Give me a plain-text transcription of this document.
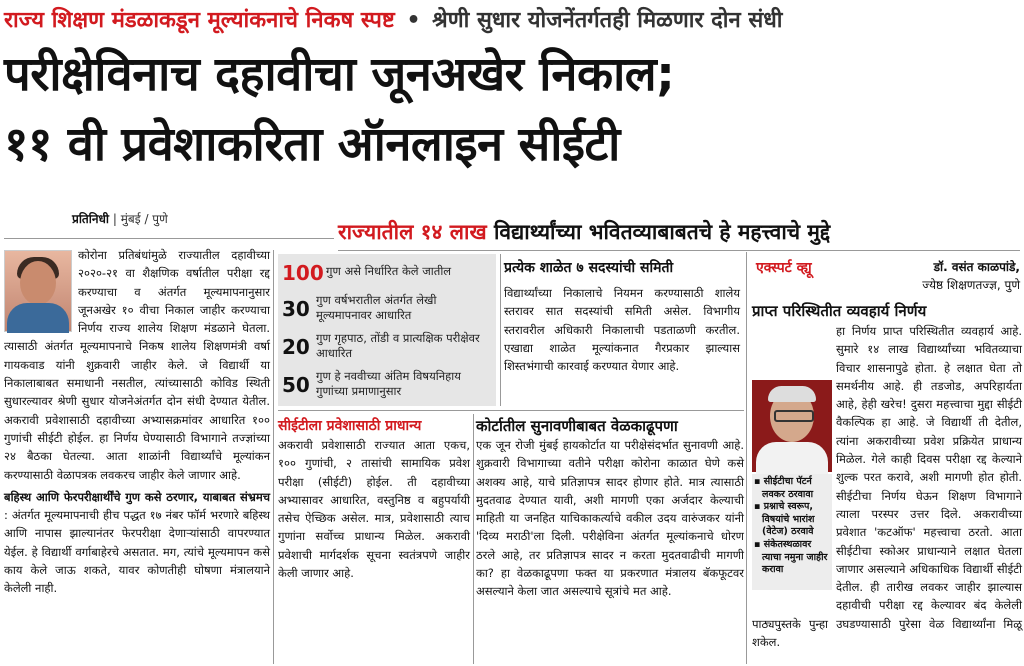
राज्य शिक्षण मंडळाकडून मूल्यांकनाचे निकष स्पष्ट • श्रेणी सुधार योजनेंतर्गतही मिळणार दोन संधी
परीक्षेविनाच दहावीचा जूनअखेर निकाल;
११ वी प्रवेशाकरिता ऑनलाइन सीईटी
प्रतिनिधी | मुंबई / पुणे
राज्यातील १४ लाख विद्यार्थ्यांच्या भवितव्याबाबतचे हे महत्त्वाचे मुद्दे
कोरोना प्रतिबंधांमुळे राज्यातील दहावीच्या २०२०-२१ वा शैक्षणिक वर्षातील परीक्षा रद्द करण्याचा व अंतर्गत मूल्यमापनानुसार जूनअखेर १० वीचा निकाल जाहीर करण्याचा निर्णय राज्य शालेय शिक्षण मंडळाने घेतला. त्यासाठी अंतर्गत मूल्यमापनाचे निकष शालेय शिक्षणमंत्री वर्षा गायकवाड यांनी शुक्रवारी जाहीर केले. जे विद्यार्थी या निकालाबाबत समाधानी नसतील, त्यांच्यासाठी कोविड स्थिती सुधारल्यावर श्रेणी सुधार योजनेअंतर्गत दोन संधी देण्यात येतील. अकरावी प्रवेशासाठी दहावीच्या अभ्यासक्रमांवर आधारित १०० गुणांची सीईटी होईल. हा निर्णय घेण्यासाठी विभागाने तज्ज्ञांच्या २४ बैठका घेतल्या. आता शाळांनी विद्यार्थ्यांचे मूल्यांकन करण्यासाठी वेळापत्रक लवकरच जाहीर केले जाणार आहे.
बहिस्थ आणि फेरपरीक्षार्थींचे गुण कसे ठरणार, याबाबत संभ्रमच : अंतर्गत मूल्यमापनाची हीच पद्धत १७ नंबर फॉर्म भरणारे बहिस्थ आणि नापास झाल्यानंतर फेरपरीक्षा देणाऱ्यांसाठी वापरण्यात येईल. हे विद्यार्थी वर्गाबाहेरचे असतात. मग, त्यांचे मूल्यमापन कसे काय केले जाऊ शकते, यावर कोणतीही घोषणा मंत्रालयाने केलेली नाही.
100 गुण असे निर्धारित केले जातील
30 गुण वर्षभरातील अंतर्गत लेखी मूल्यमापनावर आधारित
20 गुण गृहपाठ, तोंडी व प्रात्यक्षिक परीक्षेवर आधारित
50 गुण हे नववीच्या अंतिम विषयनिहाय गुणांच्या प्रमाणानुसार
प्रत्येक शाळेत ७ सदस्यांची समिती
विद्यार्थ्यांच्या निकालाचे नियमन करण्यासाठी शालेय स्तरावर सात सदस्यांची समिती असेल. विभागीय स्तरावरील अधिकारी निकालाची पडताळणी करतील. एखाद्या शाळेत मूल्यांकनात गैरप्रकार झाल्यास शिस्तभंगाची कारवाई करण्यात येणार आहे.
सीईटीला प्रवेशासाठी प्राधान्य
अकरावी प्रवेशासाठी राज्यात आता एकच, १०० गुणांची, २ तासांची सामायिक प्रवेश परीक्षा (सीईटी) होईल. ती दहावीच्या अभ्यासावर आधारित, वस्तुनिष्ठ व बहुपर्यायी तसेच ऐच्छिक असेल. मात्र, प्रवेशासाठी त्याच गुणांना सर्वोच्च प्राधान्य मिळेल. अकरावी प्रवेशाची मार्गदर्शक सूचना स्वतंत्रपणे जाहीर केली जाणार आहे.
कोर्टातील सुनावणीबाबत वेळकाढूपणा
एक जून रोजी मुंबई हायकोर्टात या परीक्षेसंदर्भात सुनावणी आहे. शुक्रवारी विभागाच्या वतीने परीक्षा कोरोना काळात घेणे कसे अशक्य आहे, याचे प्रतिज्ञापत्र सादर होणार होते. मात्र त्यासाठी मुदतवाढ देण्यात यावी, अशी मागणी एका अर्जदार केल्याची माहिती या जनहित याचिकाकर्त्याचे वकील उदय वारुंजकर यांनी 'दिव्य मराठी'ला दिली. परीक्षेविना अंतर्गत मूल्यांकनाचे धोरण ठरले आहे, तर प्रतिज्ञापत्र सादर न करता मुदतवाढीची मागणी का? हा वेळकाढूपणा फक्त या प्रकरणात मंत्रालय बॅकफूटवर असल्याने केला जात असल्याचे सूत्रांचे मत आहे.
एक्स्पर्ट व्ह्यू	डॉ. वसंत काळपांडे,
ज्येष्ठ शिक्षणतज्ज्ञ, पुणे
प्राप्त परिस्थितीत व्यवहार्य निर्णय
हा निर्णय प्राप्त परिस्थितीत व्यवहार्य आहे. सुमारे १४ लाख विद्यार्थ्यांच्या भवितव्याचा विचार शासनापुढे होता. हे लक्षात घेता तो समर्थनीय आहे. ही तडजोड, अपरिहार्यता आहे, हेही खरेच! दुसरा महत्त्वाचा मुद्दा सीईटी वैकल्पिक हा आहे. जे विद्यार्थी ती देतील, त्यांना अकरावीच्या प्रवेश प्रक्रियेत प्राधान्य मिळेल. गेले काही दिवस परीक्षा रद्द केल्याने शुल्क परत करावे, अशी मागणी होत होती. सीईटीचा निर्णय घेऊन शिक्षण विभागाने त्याला परस्पर उत्तर दिले. अकरावीच्या प्रवेशात 'कटऑफ' महत्त्वाचा ठरतो. आता सीईटीचा स्कोअर प्राधान्याने लक्षात घेतला जाणार असल्याने अधिकाधिक विद्यार्थी सीईटी देतील. ही तारीख लवकर जाहीर झाल्यास दहावीची परीक्षा रद्द केल्यावर बंद केलेली पाठ्यपुस्तके पुन्हा उघडण्यासाठी पुरेसा वेळ विद्यार्थ्यांना मिळू शकेल.
▪ सीईटीचा पॅटर्न लवकर ठरवावा
▪ प्रश्नाचे स्वरूप, विषयांचे भारांश (वेटेज) ठरवावे
▪ संकेतस्थळावर त्याचा नमुना जाहीर करावा
